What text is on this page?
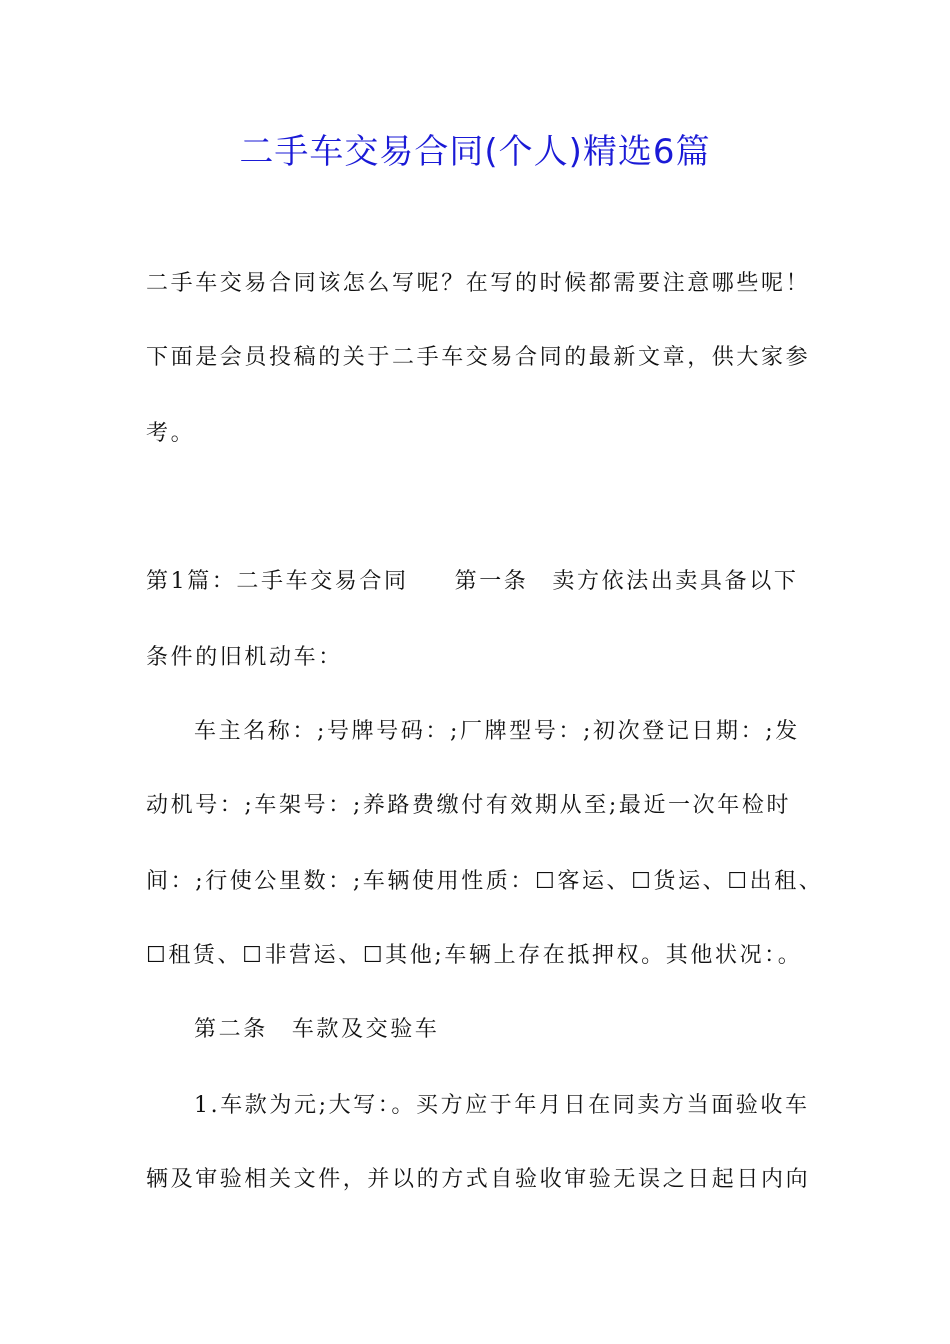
二手车交易合同(个人)精选6篇
二手车交易合同该怎么写呢？在写的时候都需要注意哪些呢！
下面是会员投稿的关于二手车交易合同的最新文章，供大家参
考。
第1篇：二手车交易合同 第一条 卖方依法出卖具备以下
条件的旧机动车：
车主名称：;号牌号码：;厂牌型号：;初次登记日期：;发
动机号：;车架号：;养路费缴付有效期从至;最近一次年检时
间：;行使公里数：;车辆使用性质：☐客运、☐货运、☐出租、
☐租赁、☐非营运、☐其他;车辆上存在抵押权。其他状况：。
第二条 车款及交验车
1.车款为元;大写：。买方应于年月日在同卖方当面验收车
辆及审验相关文件，并以的方式自验收审验无误之日起日内向
